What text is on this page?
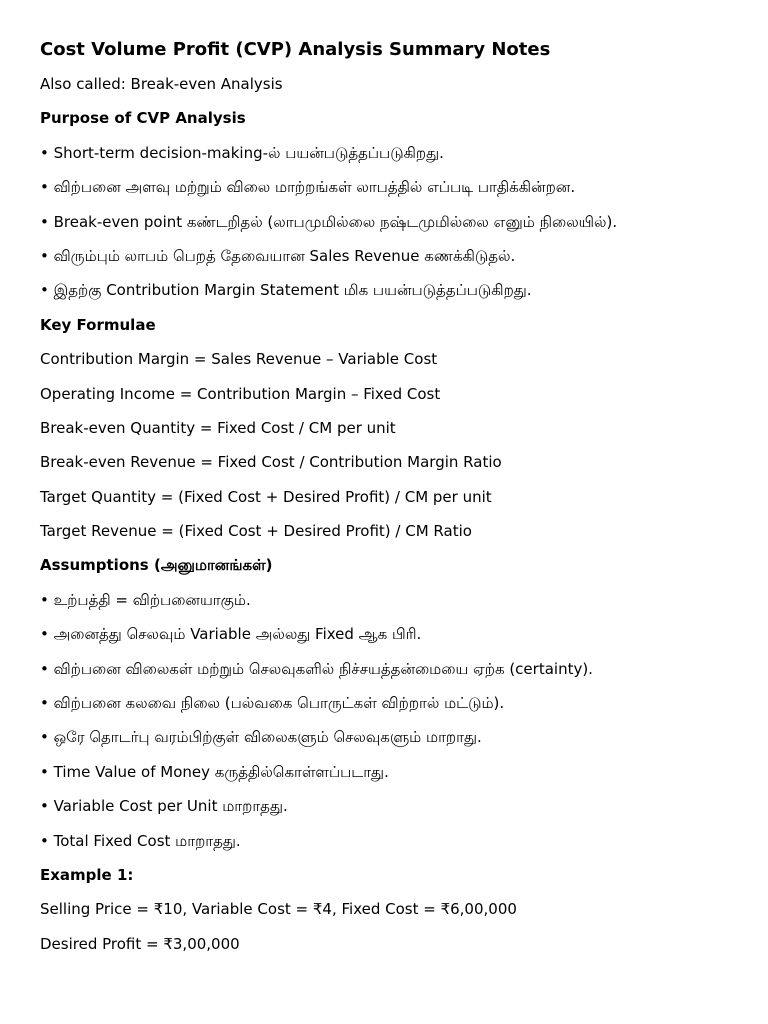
Cost Volume Profit (CVP) Analysis Summary Notes

Also called: Break-even Analysis

Purpose of CVP Analysis

• Short-term decision-making-ல் பயன்படுத்தப்படுகிறது.

• விற்பனை அளவு மற்றும் விலை மாற்றங்கள் லாபத்தில் எப்படி பாதிக்கின்றன.

• Break-even point கண்டறிதல் (லாபமுமில்லை நஷ்டமுமில்லை எனும் நிலையில்).

• விரும்பும் லாபம் பெறத் தேவையான Sales Revenue கணக்கிடுதல்.

• இதற்கு Contribution Margin Statement மிக பயன்படுத்தப்படுகிறது.

Key Formulae

Contribution Margin = Sales Revenue – Variable Cost

Operating Income = Contribution Margin – Fixed Cost

Break-even Quantity = Fixed Cost / CM per unit

Break-even Revenue = Fixed Cost / Contribution Margin Ratio

Target Quantity = (Fixed Cost + Desired Profit) / CM per unit

Target Revenue = (Fixed Cost + Desired Profit) / CM Ratio

Assumptions (அனுமானங்கள்)

• உற்பத்தி = விற்பனையாகும்.

• அனைத்து செலவும் Variable அல்லது Fixed ஆக பிரி.

• விற்பனை விலைகள் மற்றும் செலவுகளில் நிச்சயத்தன்மையை ஏற்க (certainty).

• விற்பனை கலவை நிலை (பல்வகை பொருட்கள் விற்றால் மட்டும்).

• ஒரே தொடர்பு வரம்பிற்குள் விலைகளும் செலவுகளும் மாறாது.

• Time Value of Money கருத்தில்கொள்ளப்படாது.

• Variable Cost per Unit மாறாதது.

• Total Fixed Cost மாறாதது.

Example 1:

Selling Price = ₹10, Variable Cost = ₹4, Fixed Cost = ₹6,00,000

Desired Profit = ₹3,00,000
